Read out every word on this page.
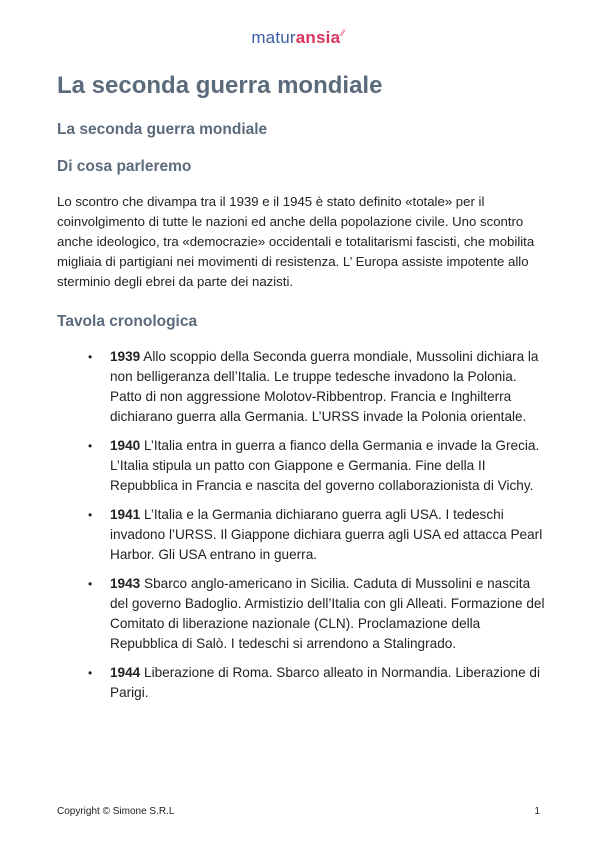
maturansia⁄⁄
La seconda guerra mondiale
La seconda guerra mondiale
Di cosa parleremo

Lo scontro che divampa tra il 1939 e il 1945 è stato definito «totale» per il coinvolgimento di tutte le nazioni ed anche della popolazione civile. Uno scontro anche ideologico, tra «democrazie» occidentali e totalitarismi fascisti, che mobilita migliaia di partigiani nei movimenti di resistenza. L’ Europa assiste impotente allo sterminio degli ebrei da parte dei nazisti.

Tavola cronologica
• 1939 Allo scoppio della Seconda guerra mondiale, Mussolini dichiara la non belligeranza dell’Italia. Le truppe tedesche invadono la Polonia. Patto di non aggressione Molotov-Ribbentrop. Francia e Inghilterra dichiarano guerra alla Germania. L’URSS invade la Polonia orientale.
• 1940 L’Italia entra in guerra a fianco della Germania e invade la Grecia. L’Italia stipula un patto con Giappone e Germania. Fine della II Repubblica in Francia e nascita del governo collaborazionista di Vichy.
• 1941 L’Italia e la Germania dichiarano guerra agli USA. I tedeschi invadono l’URSS. Il Giappone dichiara guerra agli USA ed attacca Pearl Harbor. Gli USA entrano in guerra.
• 1943 Sbarco anglo-americano in Sicilia. Caduta di Mussolini e nascita del governo Badoglio. Armistizio dell’Italia con gli Alleati. Formazione del Comitato di liberazione nazionale (CLN). Proclamazione della Repubblica di Salò. I tedeschi si arrendono a Stalingrado.
• 1944 Liberazione di Roma. Sbarco alleato in Normandia. Liberazione di Parigi.
Copyright © Simone S.R.L	1
